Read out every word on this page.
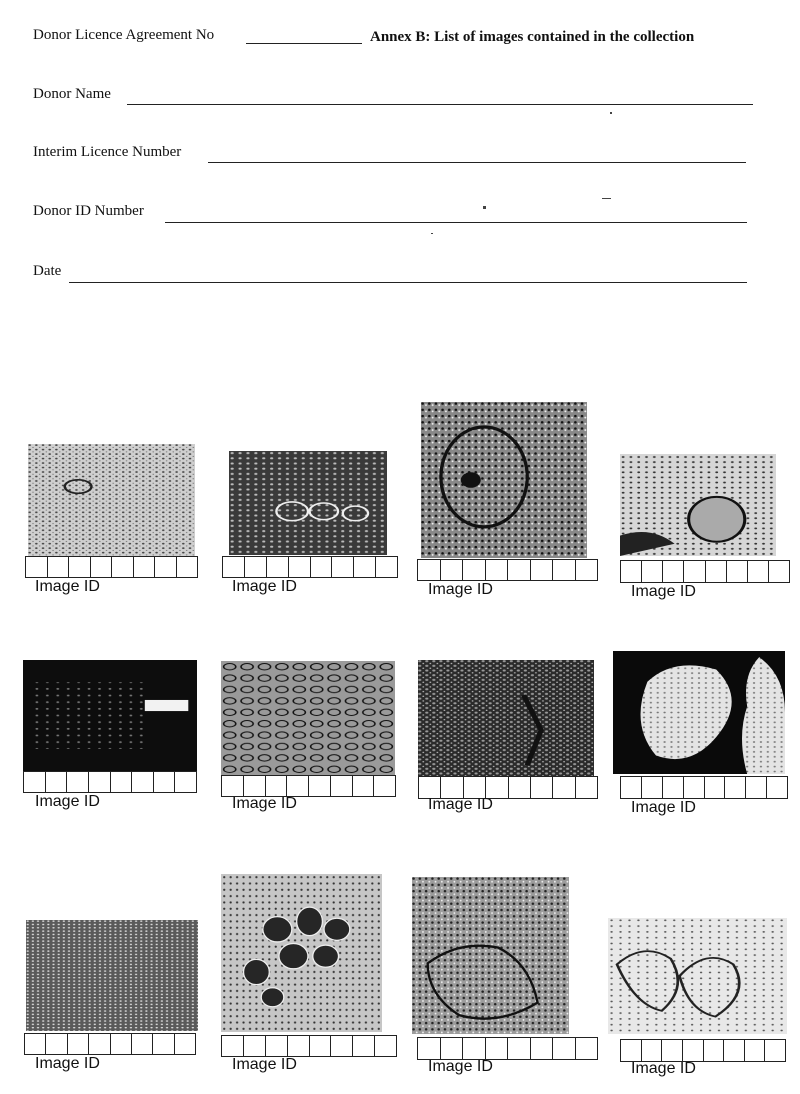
Donor Licence Agreement No	Annex B: List of images contained in the collection
Donor Name
Interim Licence Number
Donor ID Number
Date
Image ID	Image ID	Image ID	Image ID
Image ID	Image ID	Image ID	Image ID
Image ID	Image ID	Image ID	Image ID
